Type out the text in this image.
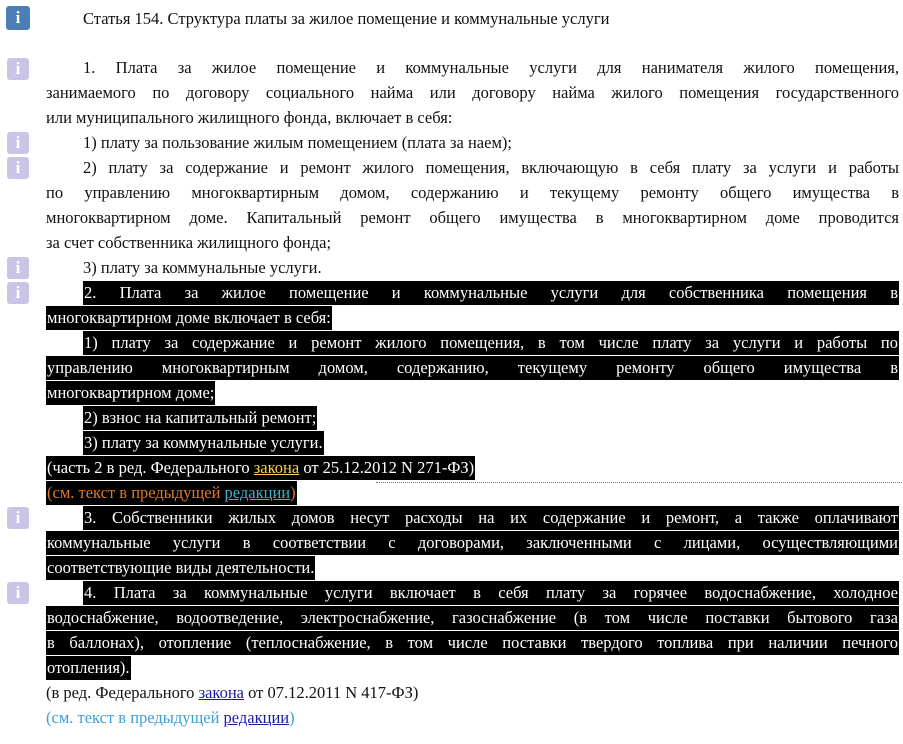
i
i
i
i
i
i
i
i
Статья 154. Структура платы за жилое помещение и коммунальные услуги
1. Плата за жилое помещение и коммунальные услуги для нанимателя жилого помещения,
занимаемого по договору социального найма или договору найма жилого помещения государственного
или муниципального жилищного фонда, включает в себя:
1) плату за пользование жилым помещением (плата за наем);
2) плату за содержание и ремонт жилого помещения, включающую в себя плату за услуги и работы
по управлению многоквартирным домом, содержанию и текущему ремонту общего имущества в
многоквартирном доме. Капитальный ремонт общего имущества в многоквартирном доме проводится
за счет собственника жилищного фонда;
3) плату за коммунальные услуги.
2. Плата за жилое помещение и коммунальные услуги для собственника помещения в
многоквартирном доме включает в себя:
1) плату за содержание и ремонт жилого помещения, в том числе плату за услуги и работы по
управлению многоквартирным домом, содержанию, текущему ремонту общего имущества в
многоквартирном доме;
2) взнос на капитальный ремонт;
3) плату за коммунальные услуги.
(часть 2 в ред. Федерального закона от 25.12.2012 N 271-ФЗ)
(см. текст в предыдущей редакции)
3. Собственники жилых домов несут расходы на их содержание и ремонт, а также оплачивают
коммунальные услуги в соответствии с договорами, заключенными с лицами, осуществляющими
соответствующие виды деятельности.
4. Плата за коммунальные услуги включает в себя плату за горячее водоснабжение, холодное
водоснабжение, водоотведение, электроснабжение, газоснабжение (в том числе поставки бытового газа
в баллонах), отопление (теплоснабжение, в том числе поставки твердого топлива при наличии печного
отопления).
(в ред. Федерального закона от 07.12.2011 N 417-ФЗ)
(см. текст в предыдущей редакции)
